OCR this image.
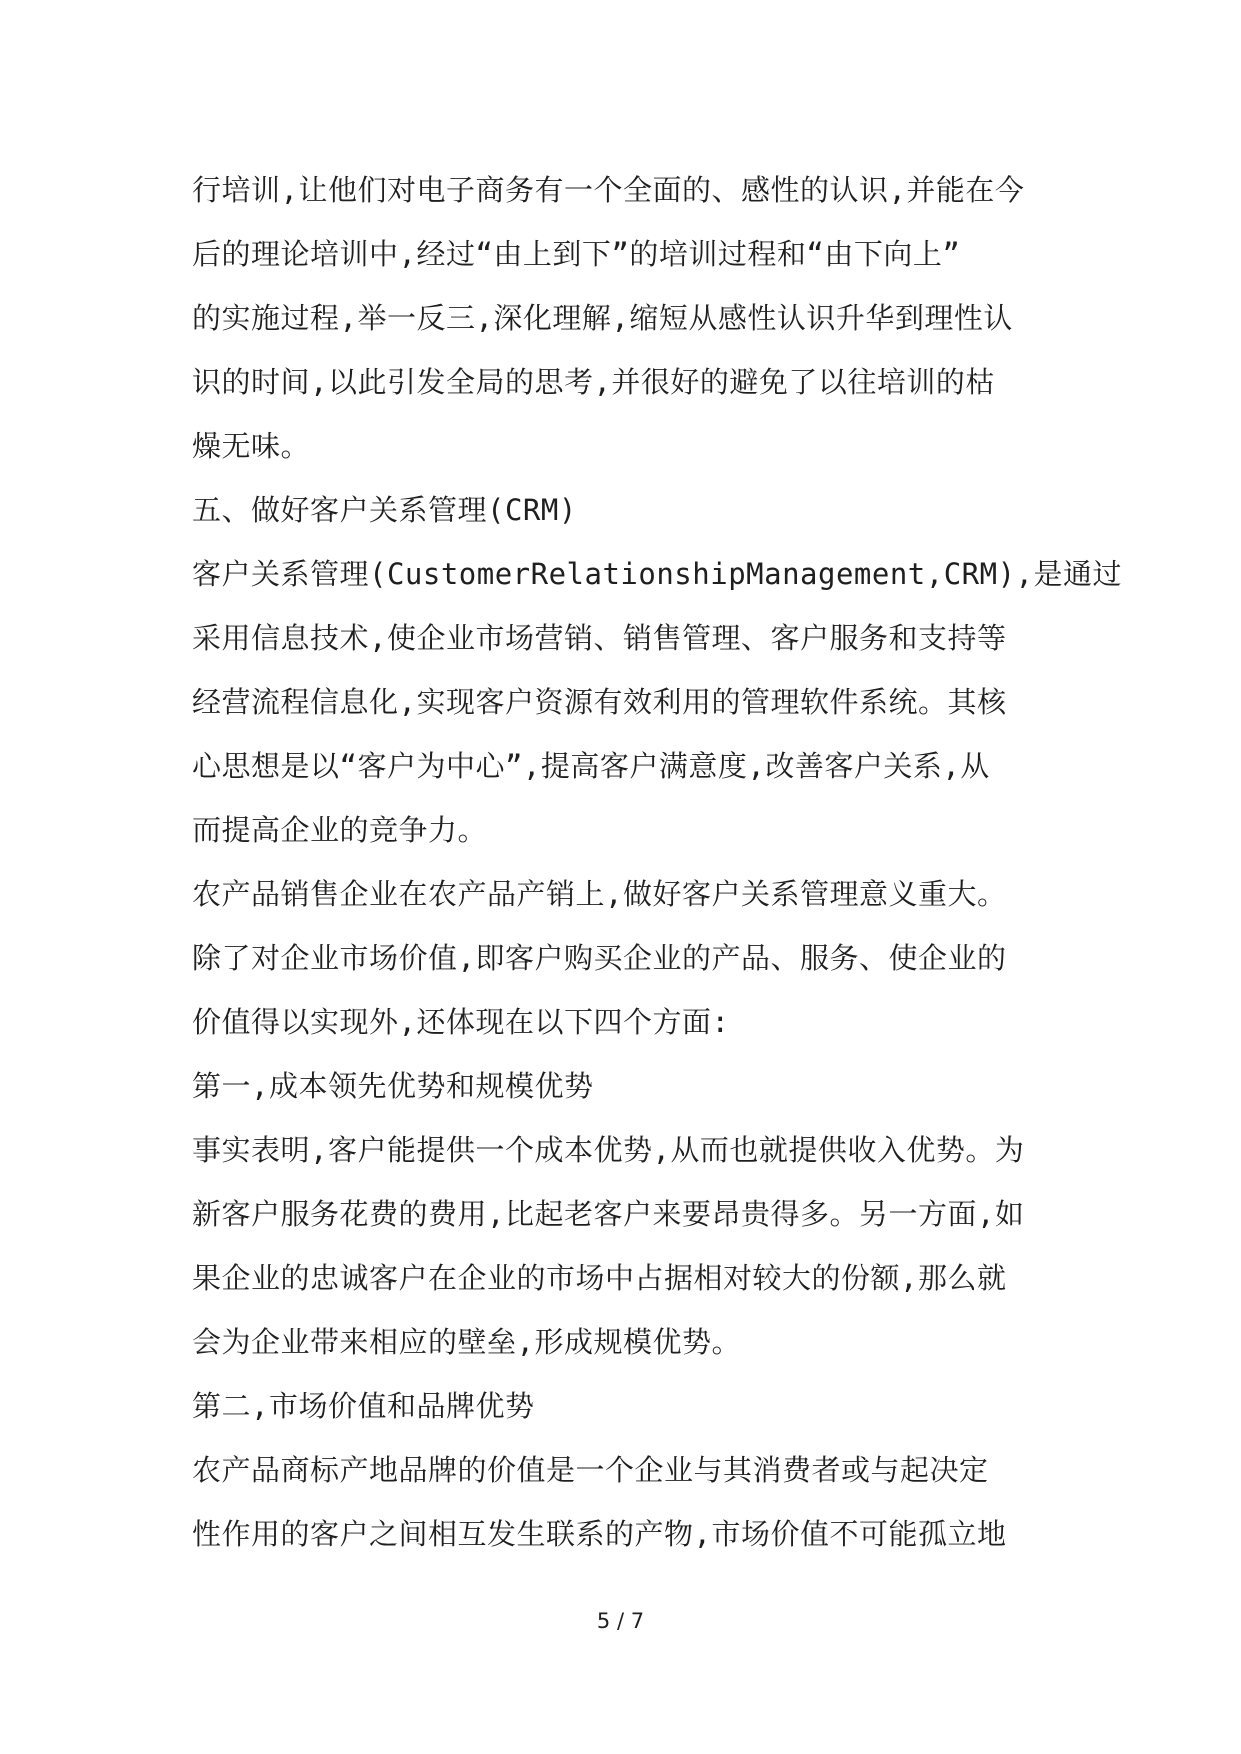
行培训,让他们对电子商务有一个全面的、感性的认识,并能在今
后的理论培训中,经过“由上到下”的培训过程和“由下向上”
的实施过程,举一反三,深化理解,缩短从感性认识升华到理性认
识的时间,以此引发全局的思考,并很好的避免了以往培训的枯
燥无味。
五、做好客户关系管理(CRM)
客户关系管理(CustomerRelationshipManagement,CRM),是通过
采用信息技术,使企业市场营销、销售管理、客户服务和支持等
经营流程信息化,实现客户资源有效利用的管理软件系统。其核
心思想是以“客户为中心”,提高客户满意度,改善客户关系,从
而提高企业的竞争力。
农产品销售企业在农产品产销上,做好客户关系管理意义重大。
除了对企业市场价值,即客户购买企业的产品、服务、使企业的
价值得以实现外,还体现在以下四个方面:
第一,成本领先优势和规模优势
事实表明,客户能提供一个成本优势,从而也就提供收入优势。为
新客户服务花费的费用,比起老客户来要昂贵得多。另一方面,如
果企业的忠诚客户在企业的市场中占据相对较大的份额,那么就
会为企业带来相应的壁垒,形成规模优势。
第二,市场价值和品牌优势
农产品商标产地品牌的价值是一个企业与其消费者或与起决定
性作用的客户之间相互发生联系的产物,市场价值不可能孤立地
5 / 7
